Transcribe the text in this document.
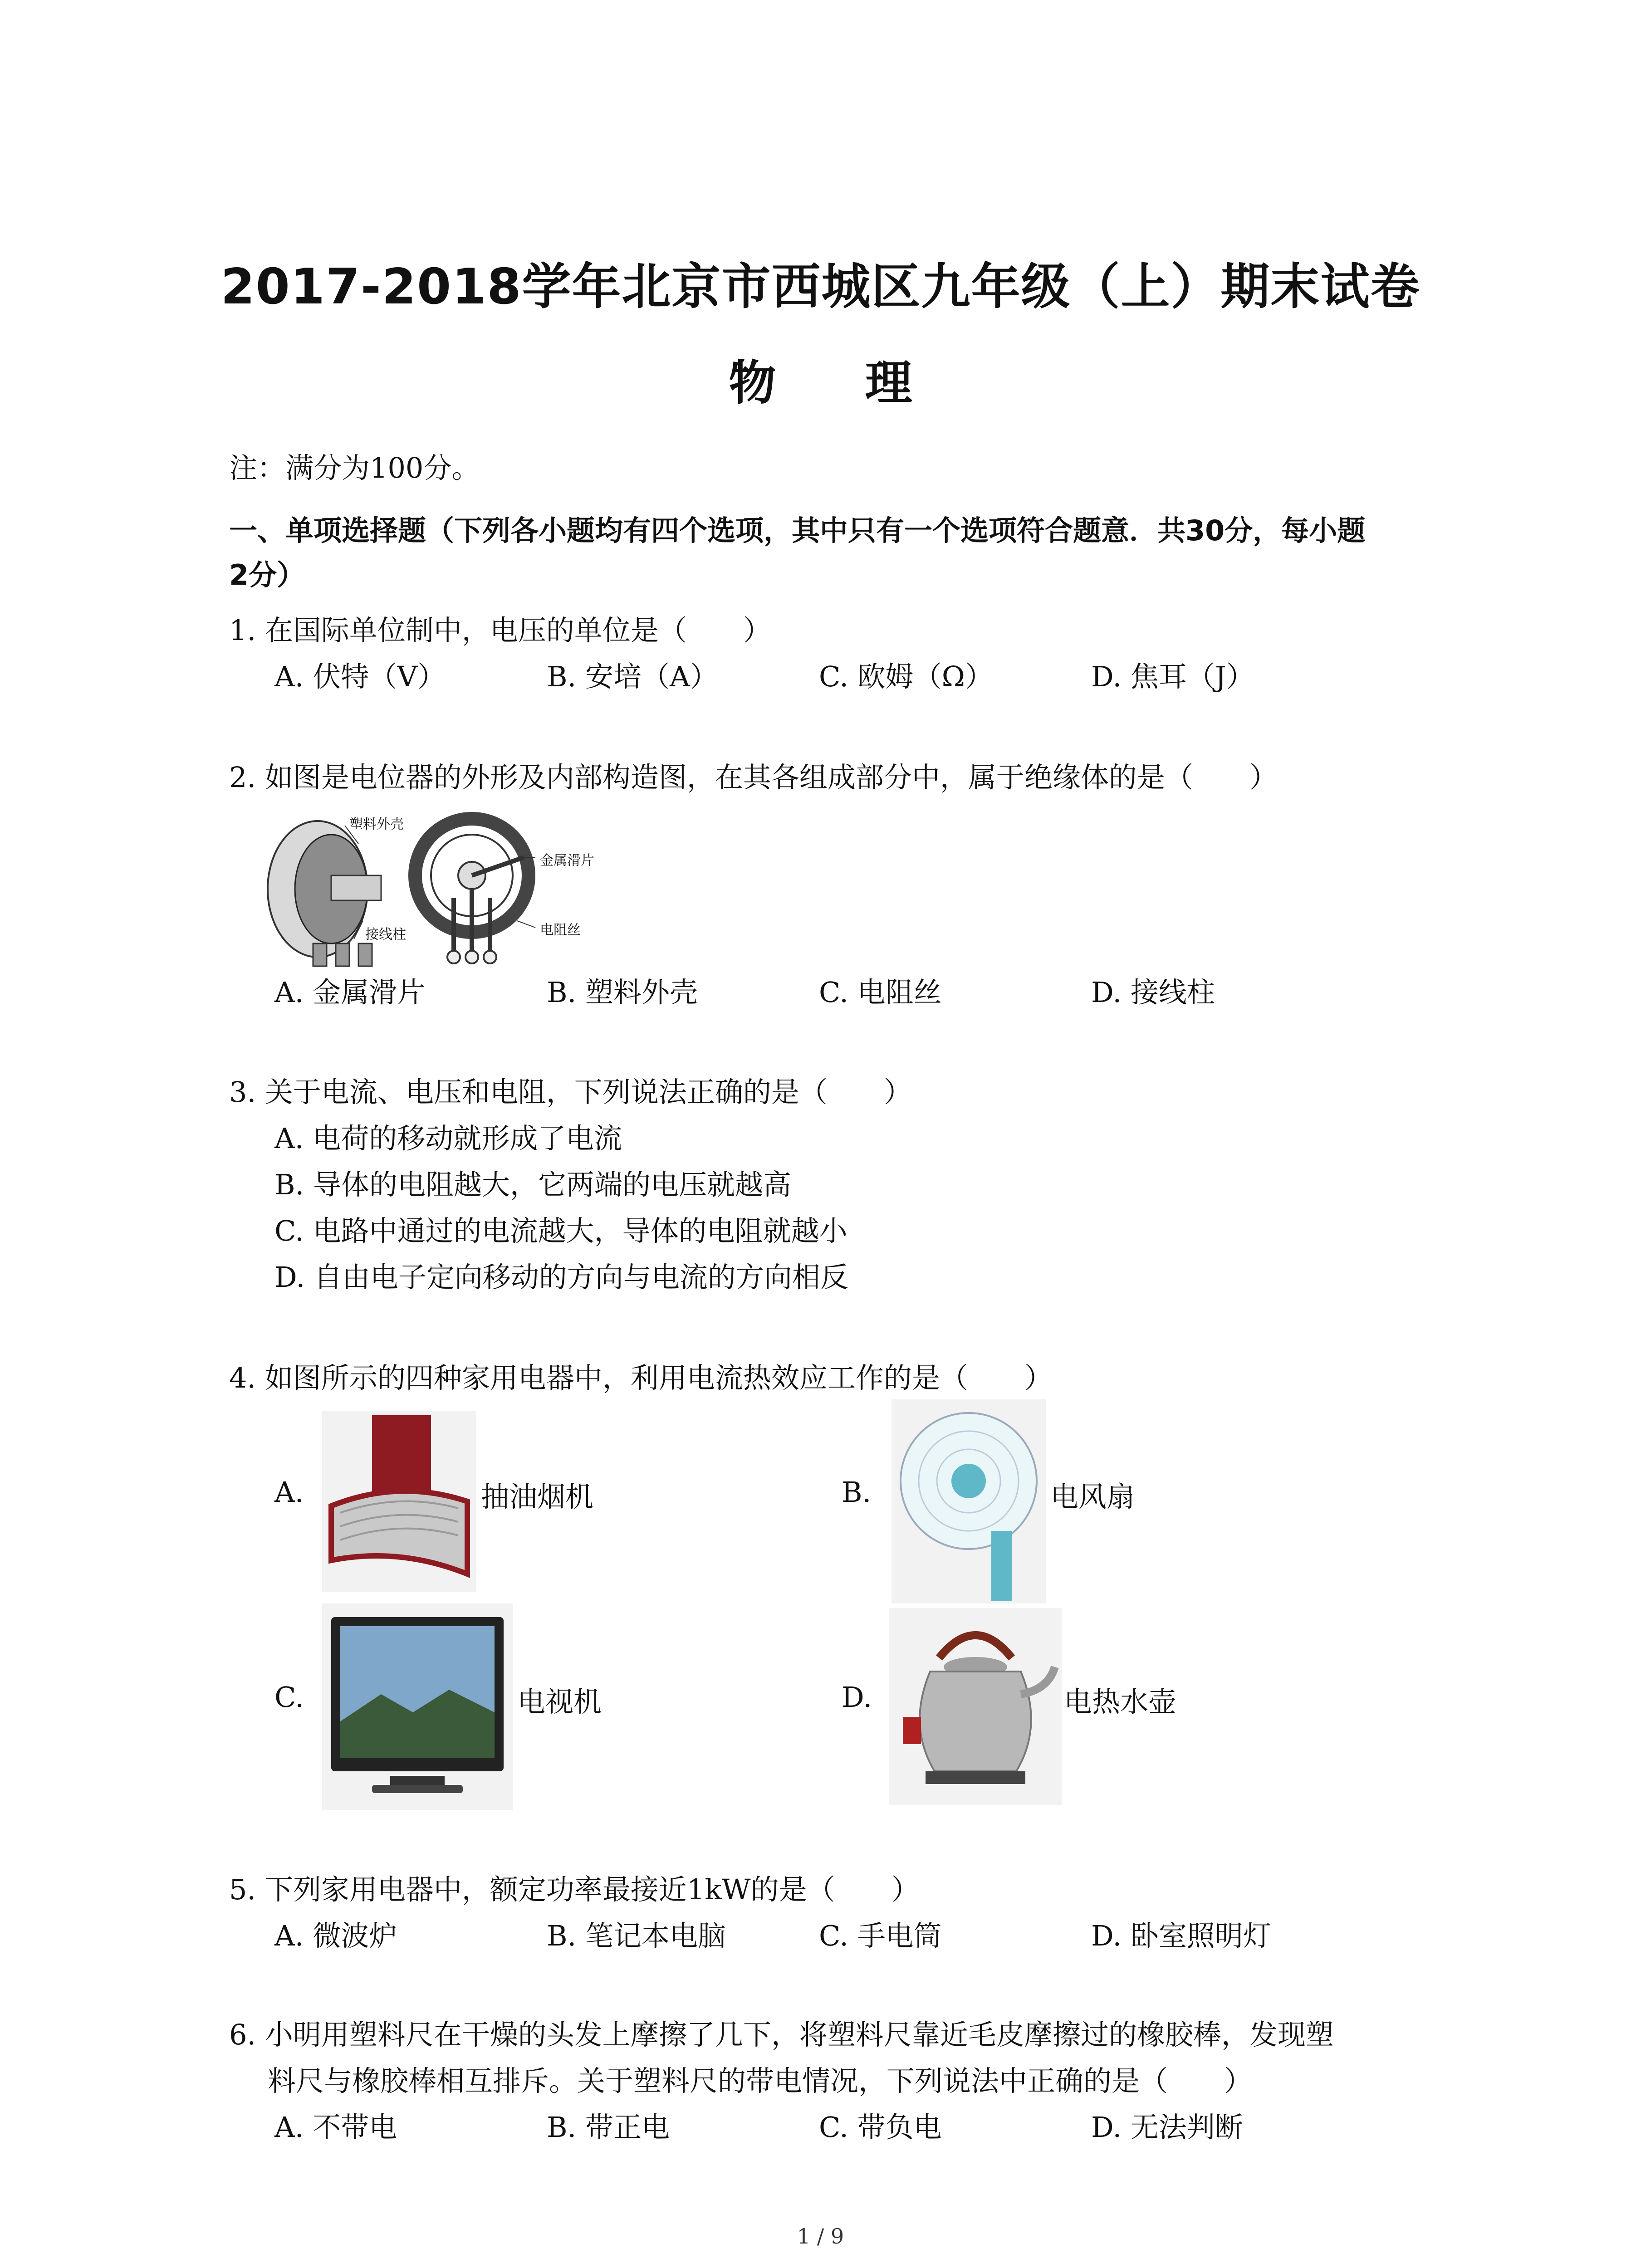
2017-2018学年北京市西城区九年级（上）期末试卷
物 理
注：满分为100分。
一、单项选择题（下列各小题均有四个选项，其中只有一个选项符合题意．共30分，每小题
2分）
1. 在国际单位制中，电压的单位是（　　）
A. 伏特（V）	B. 安培（A）	C. 欧姆（Ω）	D. 焦耳（J）
2. 如图是电位器的外形及内部构造图，在其各组成部分中，属于绝缘体的是（　　）
塑料外壳
金属滑片
接线柱	电阻丝
A. 金属滑片	B. 塑料外壳	C. 电阻丝	D. 接线柱
3. 关于电流、电压和电阻，下列说法正确的是（　　）
A. 电荷的移动就形成了电流
B. 导体的电阻越大，它两端的电压就越高
C. 电路中通过的电流越大，导体的电阻就越小
D. 自由电子定向移动的方向与电流的方向相反
4. 如图所示的四种家用电器中，利用电流热效应工作的是（　　）
A.	抽油烟机	B.	电风扇
C.	电视机	D.	电热水壶
5. 下列家用电器中，额定功率最接近1kW的是（　　）
A. 微波炉	B. 笔记本电脑	C. 手电筒	D. 卧室照明灯
6. 小明用塑料尺在干燥的头发上摩擦了几下，将塑料尺靠近毛皮摩擦过的橡胶棒，发现塑
料尺与橡胶棒相互排斥。关于塑料尺的带电情况，下列说法中正确的是（　　）
A. 不带电	B. 带正电	C. 带负电	D. 无法判断
1 / 9
